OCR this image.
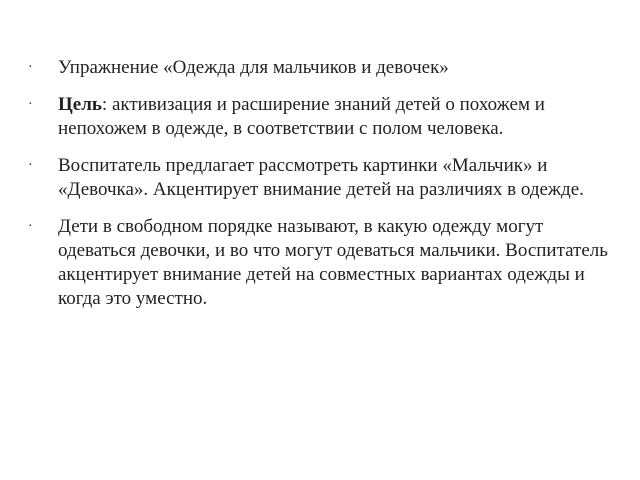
·	Упражнение «Одежда для мальчиков и девочек»
·	Цель: активизация и расширение знаний детей о похожем и непохожем в одежде, в соответствии с полом человека.
·	Воспитатель предлагает рассмотреть картинки «Мальчик» и «Девочка». Акцентирует внимание детей на различиях в одежде.
·	Дети в свободном порядке называют, в какую одежду могут одеваться девочки, и во что могут одеваться мальчики. Воспитатель акцентирует внимание детей на совместных вариантах одежды и когда это уместно.
